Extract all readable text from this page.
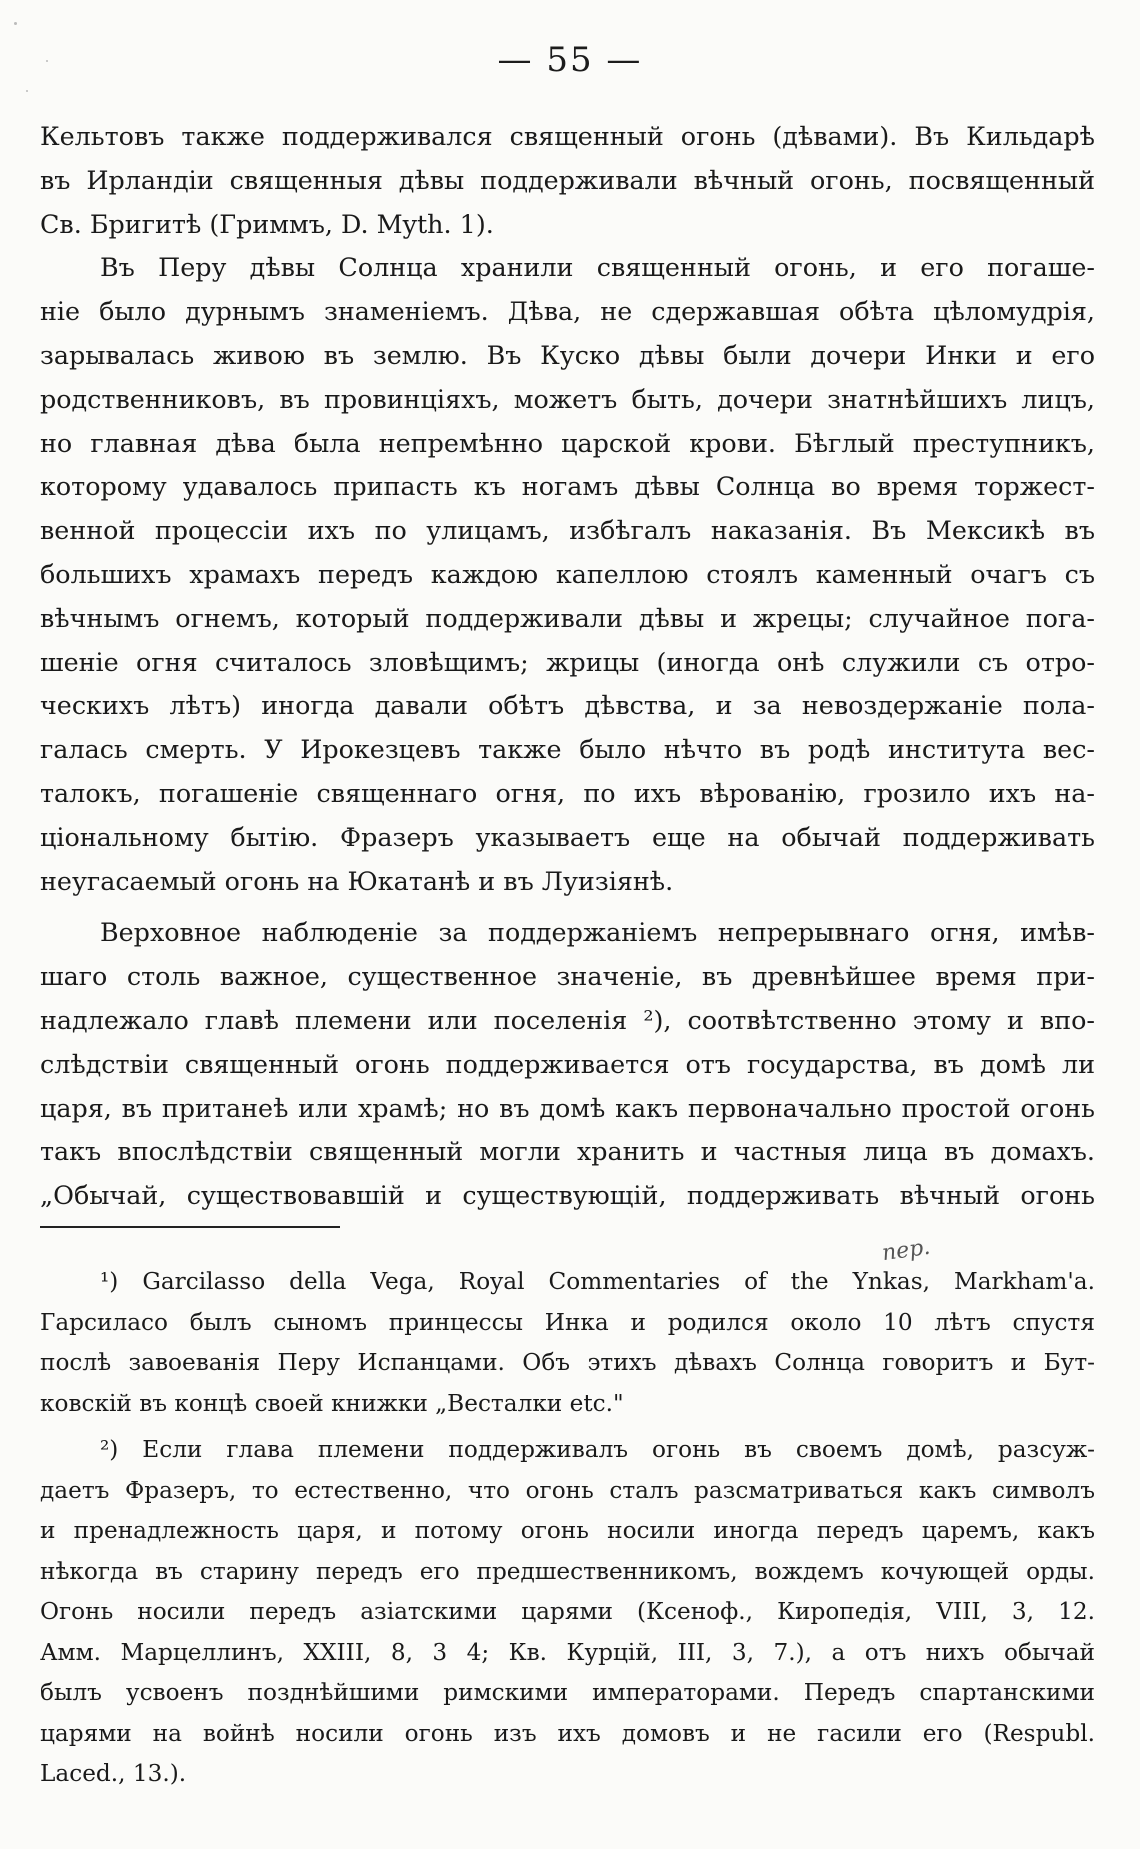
— 55 —
Кельтовъ также поддерживался священный огонь (дѣвами). Въ Кильдарѣ
въ Ирландіи священныя дѣвы поддерживали вѣчный огонь, посвященный
Св. Бригитѣ (Гриммъ, D. Myth. 1).
Въ Перу дѣвы Солнца хранили священный огонь, и его погаше-
ніе было дурнымъ знаменіемъ. Дѣва, не сдержавшая обѣта цѣломудрія,
зарывалась живою въ землю. Въ Куско дѣвы были дочери Инки и его
родственниковъ, въ провинціяхъ, можетъ быть, дочери знатнѣйшихъ лицъ,
но главная дѣва была непремѣнно царской крови. Бѣглый преступникъ,
которому удавалось припасть къ ногамъ дѣвы Солнца во время торжест-
венной процессіи ихъ по улицамъ, избѣгалъ наказанія. Въ Мексикѣ въ
большихъ храмахъ передъ каждою капеллою стоялъ каменный очагъ съ
вѣчнымъ огнемъ, который поддерживали дѣвы и жрецы; случайное пога-
шеніе огня считалось зловѣщимъ; жрицы (иногда онѣ служили съ отро-
ческихъ лѣтъ) иногда давали обѣтъ дѣвства, и за невоздержаніе пола-
галась смерть. У Ирокезцевъ также было нѣчто въ родѣ института вес-
талокъ, погашеніе священнаго огня, по ихъ вѣрованію, грозило ихъ на-
ціональному бытію. Фразеръ указываетъ еще на обычай поддерживать
неугасаемый огонь на Юкатанѣ и въ Луизіянѣ.
Верховное наблюденіе за поддержаніемъ непрерывнаго огня, имѣв-
шаго столь важное, существенное значеніе, въ древнѣйшее время при-
надлежало главѣ племени или поселенія ²), соотвѣтственно этому и впо-
слѣдствіи священный огонь поддерживается отъ государства, въ домѣ ли
царя, въ пританеѣ или храмѣ; но въ домѣ какъ первоначально простой огонь
такъ впослѣдствіи священный могли хранить и частныя лица въ домахъ.
„Обычай, существовавшій и существующій, поддерживать вѣчный огонь
пер.
¹) Garcilasso della Vega, Royal Commentaries of the Ynkas, Markham'a.
Гарсиласо былъ сыномъ принцессы Инка и родился около 10 лѣтъ спустя
послѣ завоеванія Перу Испанцами. Объ этихъ дѣвахъ Солнца говоритъ и Бут-
ковскій въ концѣ своей книжки „Весталки etc."
²) Если глава племени поддерживалъ огонь въ своемъ домѣ, разсуж-
даетъ Фразеръ, то естественно, что огонь сталъ разсматриваться какъ символъ
и пренадлежность царя, и потому огонь носили иногда передъ царемъ, какъ
нѣкогда въ старину передъ его предшественникомъ, вождемъ кочующей орды.
Огонь носили передъ азіатскими царями (Ксеноф., Киропедія, VIII, 3, 12.
Амм. Марцеллинъ, XXIII, 8, 3 4; Кв. Курцій, III, 3, 7.), а отъ нихъ обычай
былъ усвоенъ позднѣйшими римскими императорами. Передъ спартанскими
царями на войнѣ носили огонь изъ ихъ домовъ и не гасили его (Respubl.
Laced., 13.).
